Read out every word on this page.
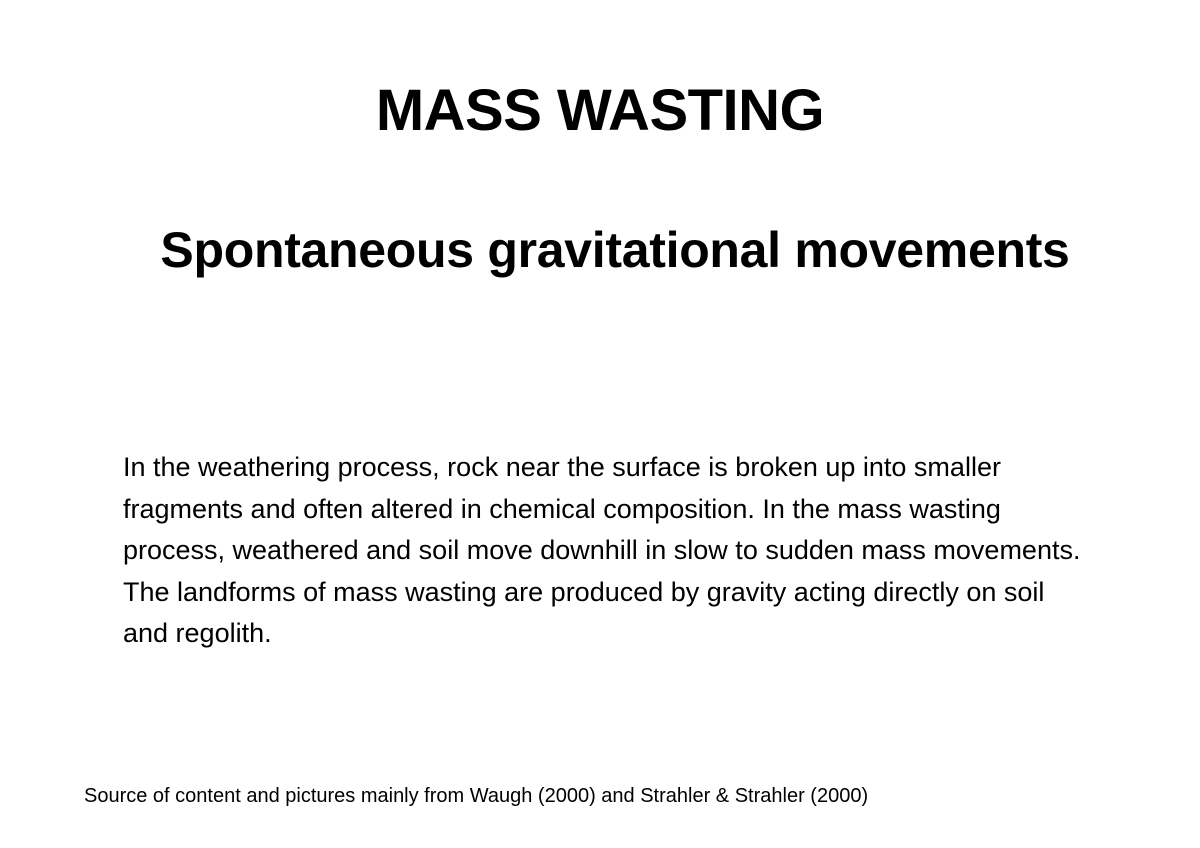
MASS WASTING
Spontaneous gravitational movements

In the weathering process, rock near the surface is broken up into smaller fragments and often altered in chemical composition. In the mass wasting process, weathered and soil move downhill in slow to sudden mass movements. The landforms of mass wasting are produced by gravity acting directly on soil and regolith.

Source of content and pictures mainly from Waugh (2000) and Strahler & Strahler (2000)
